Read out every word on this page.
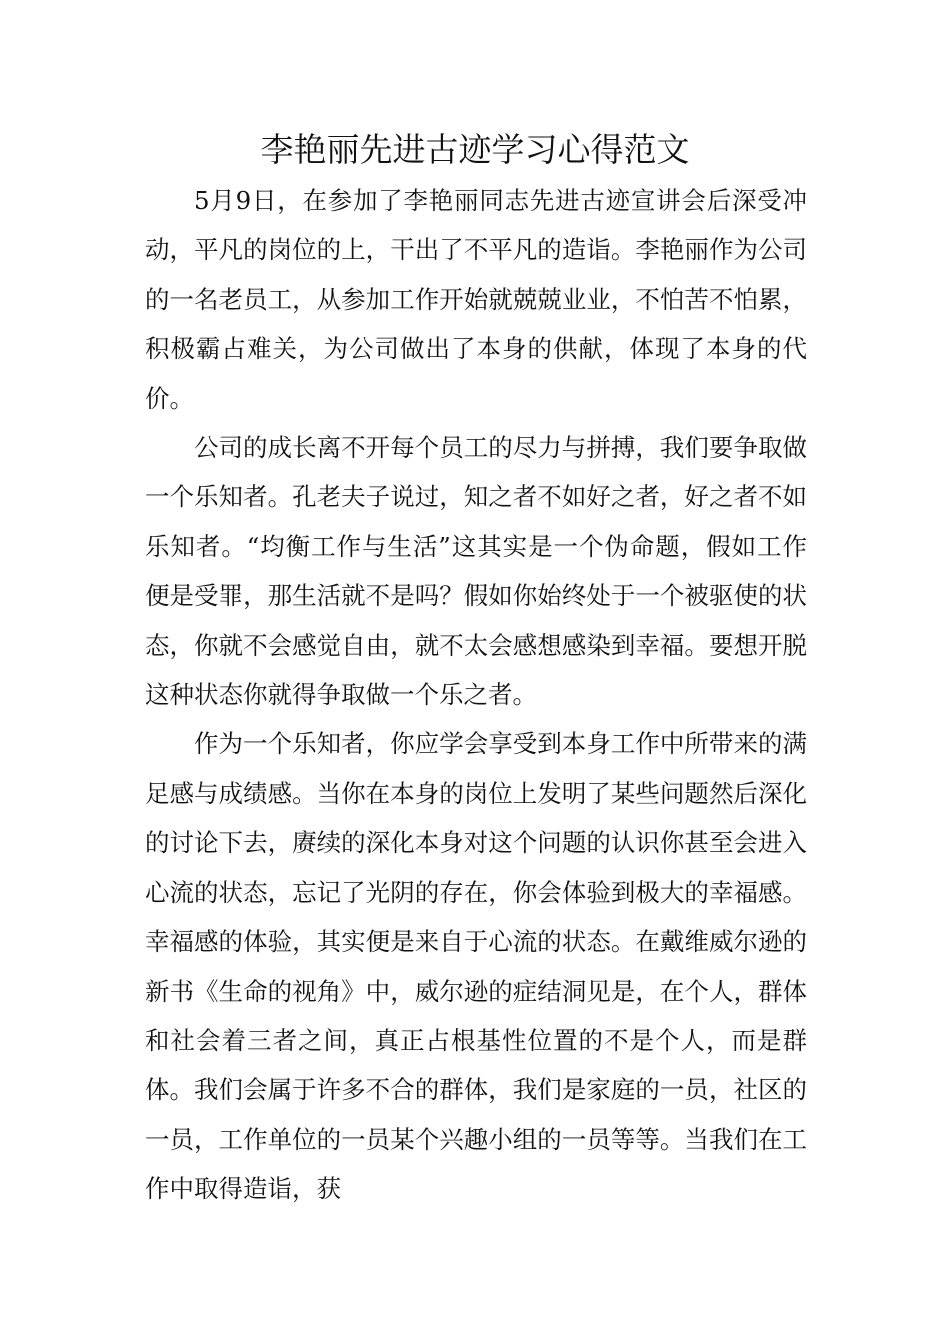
李艳丽先进古迹学习心得范文

5月9日，在参加了李艳丽同志先进古迹宣讲会后深受冲动，平凡的岗位的上，干出了不平凡的造诣。李艳丽作为公司的一名老员工，从参加工作开始就兢兢业业，不怕苦不怕累，积极霸占难关，为公司做出了本身的供献，体现了本身的代价。

公司的成长离不开每个员工的尽力与拼搏，我们要争取做一个乐知者。孔老夫子说过，知之者不如好之者，好之者不如乐知者。“均衡工作与生活”这其实是一个伪命题，假如工作便是受罪，那生活就不是吗？假如你始终处于一个被驱使的状态，你就不会感觉自由，就不太会感想感染到幸福。要想开脱这种状态你就得争取做一个乐之者。

作为一个乐知者，你应学会享受到本身工作中所带来的满足感与成绩感。当你在本身的岗位上发明了某些问题然后深化的讨论下去，赓续的深化本身对这个问题的认识你甚至会进入心流的状态，忘记了光阴的存在，你会体验到极大的幸福感。幸福感的体验，其实便是来自于心流的状态。在戴维威尔逊的新书《生命的视角》中，威尔逊的症结洞见是，在个人，群体和社会着三者之间，真正占根基性位置的不是个人，而是群体。我们会属于许多不合的群体，我们是家庭的一员，社区的一员，工作单位的一员某个兴趣小组的一员等等。当我们在工作中取得造诣，获
